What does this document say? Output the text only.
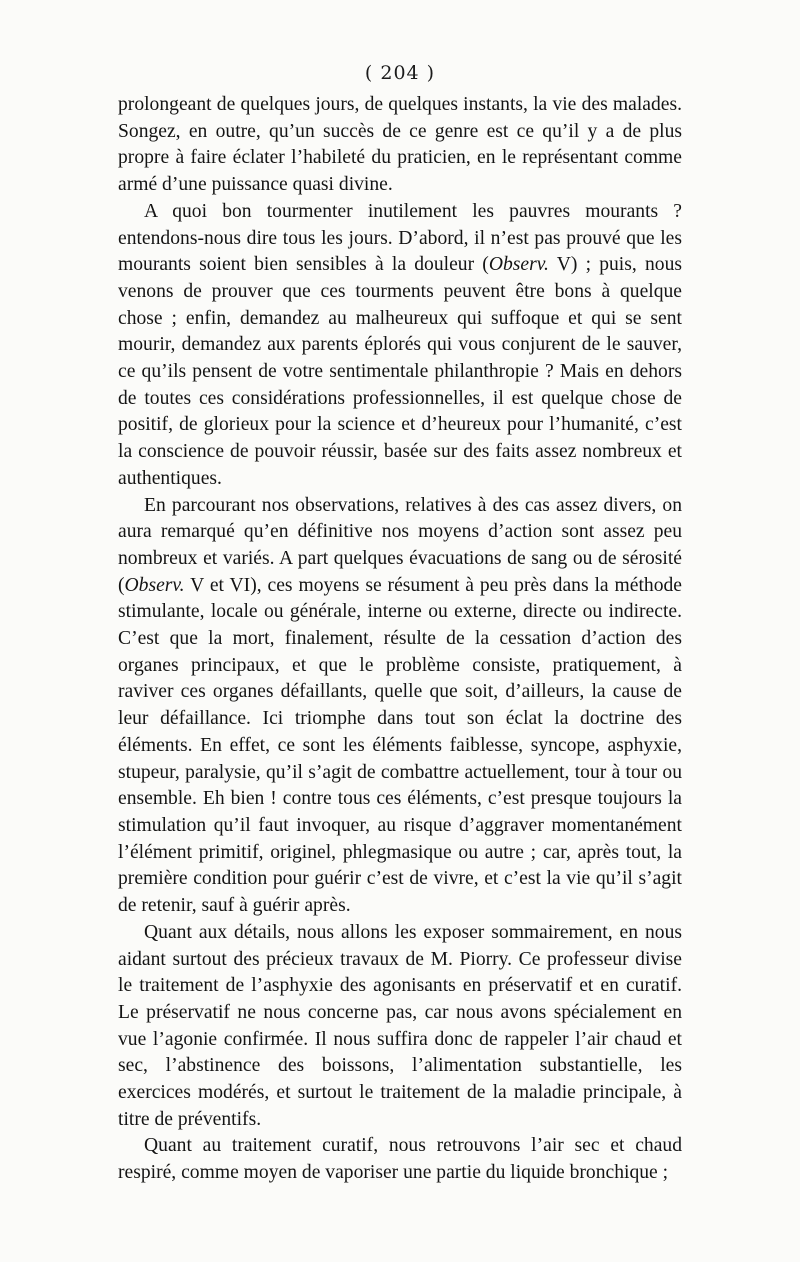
( 204 )

prolongeant de quelques jours, de quelques instants, la vie des malades. Songez, en outre, qu’un succès de ce genre est ce qu’il y a de plus propre à faire éclater l’habileté du praticien, en le représentant comme armé d’une puissance quasi divine.

A quoi bon tourmenter inutilement les pauvres mourants ? entendons-nous dire tous les jours. D’abord, il n’est pas prouvé que les mourants soient bien sensibles à la douleur (Observ. V) ; puis, nous venons de prouver que ces tourments peuvent être bons à quelque chose ; enfin, demandez au malheureux qui suffoque et qui se sent mourir, demandez aux parents éplorés qui vous conjurent de le sauver, ce qu’ils pensent de votre sentimentale philanthropie ? Mais en dehors de toutes ces considérations professionnelles, il est quelque chose de positif, de glorieux pour la science et d’heureux pour l’humanité, c’est la conscience de pouvoir réussir, basée sur des faits assez nombreux et authentiques.

En parcourant nos observations, relatives à des cas assez divers, on aura remarqué qu’en définitive nos moyens d’action sont assez peu nombreux et variés. A part quelques évacuations de sang ou de sérosité (Observ. V et VI), ces moyens se résument à peu près dans la méthode stimulante, locale ou générale, interne ou externe, directe ou indirecte. C’est que la mort, finalement, résulte de la cessation d’action des organes principaux, et que le problème consiste, pratiquement, à raviver ces organes défaillants, quelle que soit, d’ailleurs, la cause de leur défaillance. Ici triomphe dans tout son éclat la doctrine des éléments. En effet, ce sont les éléments faiblesse, syncope, asphyxie, stupeur, paralysie, qu’il s’agit de combattre actuellement, tour à tour ou ensemble. Eh bien ! contre tous ces éléments, c’est presque toujours la stimulation qu’il faut invoquer, au risque d’aggraver momentanément l’élément primitif, originel, phlegmasique ou autre ; car, après tout, la première condition pour guérir c’est de vivre, et c’est la vie qu’il s’agit de retenir, sauf à guérir après.

Quant aux détails, nous allons les exposer sommairement, en nous aidant surtout des précieux travaux de M. Piorry. Ce professeur divise le traitement de l’asphyxie des agonisants en préservatif et en curatif. Le préservatif ne nous concerne pas, car nous avons spécialement en vue l’agonie confirmée. Il nous suffira donc de rappeler l’air chaud et sec, l’abstinence des boissons, l’alimentation substantielle, les exercices modérés, et surtout le traitement de la maladie principale, à titre de préventifs.

Quant au traitement curatif, nous retrouvons l’air sec et chaud respiré, comme moyen de vaporiser une partie du liquide bronchique ;
